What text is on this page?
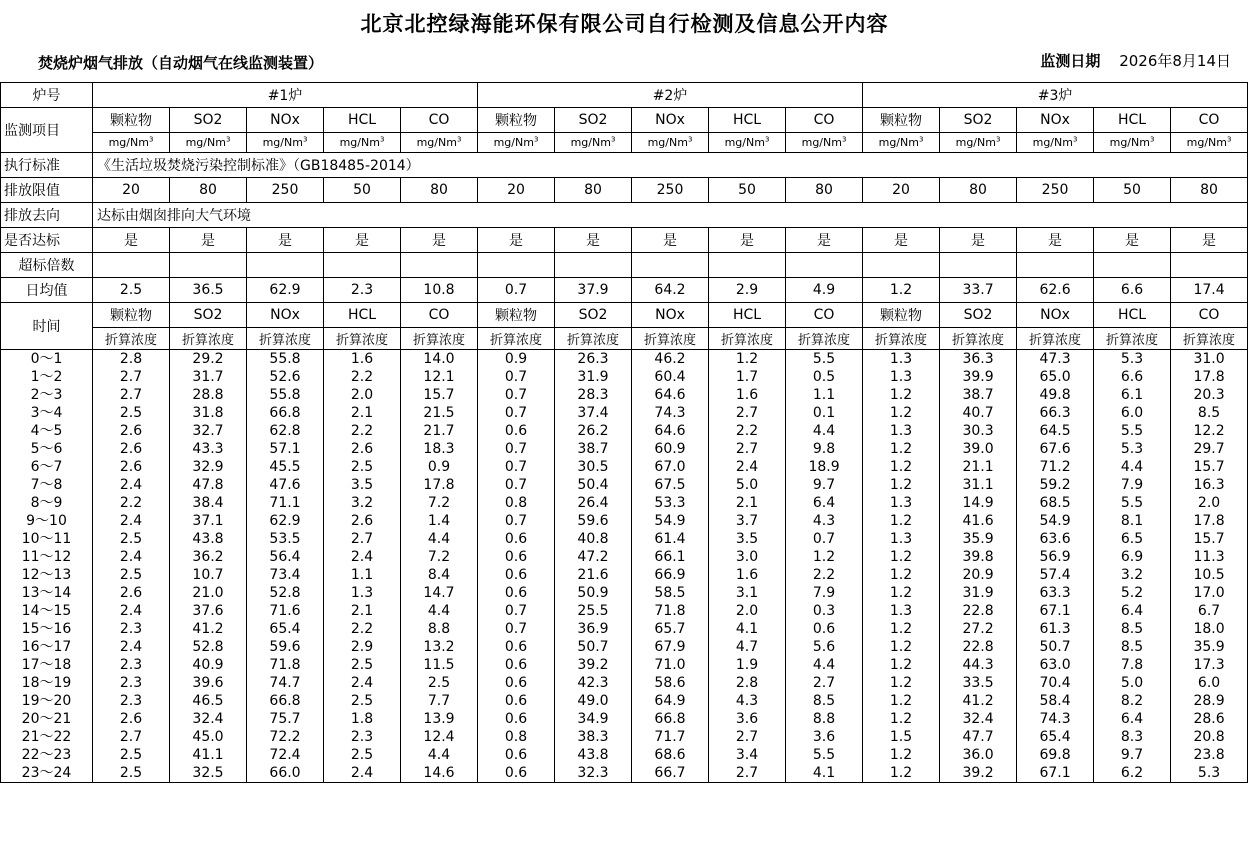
北京北控绿海能环保有限公司自行检测及信息公开内容
焚烧炉烟气排放（自动烟气在线监测装置）	监测日期 2026年8月14日
炉号	#1炉					#2炉					#3炉				
监测项目	颗粒物	SO2	NOx	HCL	CO	颗粒物	SO2	NOx	HCL	CO	颗粒物	SO2	NOx	HCL	CO
	mg/Nm$^3$	mg/Nm$^3$	mg/Nm$^3$	mg/Nm$^3$	mg/Nm$^3$	mg/Nm$^3$	mg/Nm$^3$	mg/Nm$^3$	mg/Nm$^3$	mg/Nm$^3$	mg/Nm$^3$	mg/Nm$^3$	mg/Nm$^3$	mg/Nm$^3$	mg/Nm$^3$
执行标准	《生活垃圾焚烧污染控制标准》（GB18485-2014）														
排放限值	20	80	250	50	80	20	80	250	50	80	20	80	250	50	80
排放去向	达标由烟囱排向大气环境														
是否达标	是	是	是	是	是	是	是	是	是	是	是	是	是	是	是
超标倍数															
日均值	2.5	36.5	62.9	2.3	10.8	0.7	37.9	64.2	2.9	4.9	1.2	33.7	62.6	6.6	17.4
时间	颗粒物	SO2	NOx	HCL	CO	颗粒物	SO2	NOx	HCL	CO	颗粒物	SO2	NOx	HCL	CO
	折算浓度	折算浓度	折算浓度	折算浓度	折算浓度	折算浓度	折算浓度	折算浓度	折算浓度	折算浓度	折算浓度	折算浓度	折算浓度	折算浓度	折算浓度
0～1	2.8	29.2	55.8	1.6	14.0	0.9	26.3	46.2	1.2	5.5	1.3	36.3	47.3	5.3	31.0
1～2	2.7	31.7	52.6	2.2	12.1	0.7	31.9	60.4	1.7	0.5	1.3	39.9	65.0	6.6	17.8
2～3	2.7	28.8	55.8	2.0	15.7	0.7	28.3	64.6	1.6	1.1	1.2	38.7	49.8	6.1	20.3
3～4	2.5	31.8	66.8	2.1	21.5	0.7	37.4	74.3	2.7	0.1	1.2	40.7	66.3	6.0	8.5
4～5	2.6	32.7	62.8	2.2	21.7	0.6	26.2	64.6	2.2	4.4	1.3	30.3	64.5	5.5	12.2
5～6	2.6	43.3	57.1	2.6	18.3	0.7	38.7	60.9	2.7	9.8	1.2	39.0	67.6	5.3	29.7
6～7	2.6	32.9	45.5	2.5	0.9	0.7	30.5	67.0	2.4	18.9	1.2	21.1	71.2	4.4	15.7
7～8	2.4	47.8	47.6	3.5	17.8	0.7	50.4	67.5	5.0	9.7	1.2	31.1	59.2	7.9	16.3
8～9	2.2	38.4	71.1	3.2	7.2	0.8	26.4	53.3	2.1	6.4	1.3	14.9	68.5	5.5	2.0
9～10	2.4	37.1	62.9	2.6	1.4	0.7	59.6	54.9	3.7	4.3	1.2	41.6	54.9	8.1	17.8
10～11	2.5	43.8	53.5	2.7	4.4	0.6	40.8	61.4	3.5	0.7	1.3	35.9	63.6	6.5	15.7
11～12	2.4	36.2	56.4	2.4	7.2	0.6	47.2	66.1	3.0	1.2	1.2	39.8	56.9	6.9	11.3
12～13	2.5	10.7	73.4	1.1	8.4	0.6	21.6	66.9	1.6	2.2	1.2	20.9	57.4	3.2	10.5
13～14	2.6	21.0	52.8	1.3	14.7	0.6	50.9	58.5	3.1	7.9	1.2	31.9	63.3	5.2	17.0
14～15	2.4	37.6	71.6	2.1	4.4	0.7	25.5	71.8	2.0	0.3	1.3	22.8	67.1	6.4	6.7
15～16	2.3	41.2	65.4	2.2	8.8	0.7	36.9	65.7	4.1	0.6	1.2	27.2	61.3	8.5	18.0
16～17	2.4	52.8	59.6	2.9	13.2	0.6	50.7	67.9	4.7	5.6	1.2	22.8	50.7	8.5	35.9
17～18	2.3	40.9	71.8	2.5	11.5	0.6	39.2	71.0	1.9	4.4	1.2	44.3	63.0	7.8	17.3
18～19	2.3	39.6	74.7	2.4	2.5	0.6	42.3	58.6	2.8	2.7	1.2	33.5	70.4	5.0	6.0
19～20	2.3	46.5	66.8	2.5	7.7	0.6	49.0	64.9	4.3	8.5	1.2	41.2	58.4	8.2	28.9
20～21	2.6	32.4	75.7	1.8	13.9	0.6	34.9	66.8	3.6	8.8	1.2	32.4	74.3	6.4	28.6
21～22	2.7	45.0	72.2	2.3	12.4	0.8	38.3	71.7	2.7	3.6	1.5	47.7	65.4	8.3	20.8
22～23	2.5	41.1	72.4	2.5	4.4	0.6	43.8	68.6	3.4	5.5	1.2	36.0	69.8	9.7	23.8
23～24	2.5	32.5	66.0	2.4	14.6	0.6	32.3	66.7	2.7	4.1	1.2	39.2	67.1	6.2	5.3
